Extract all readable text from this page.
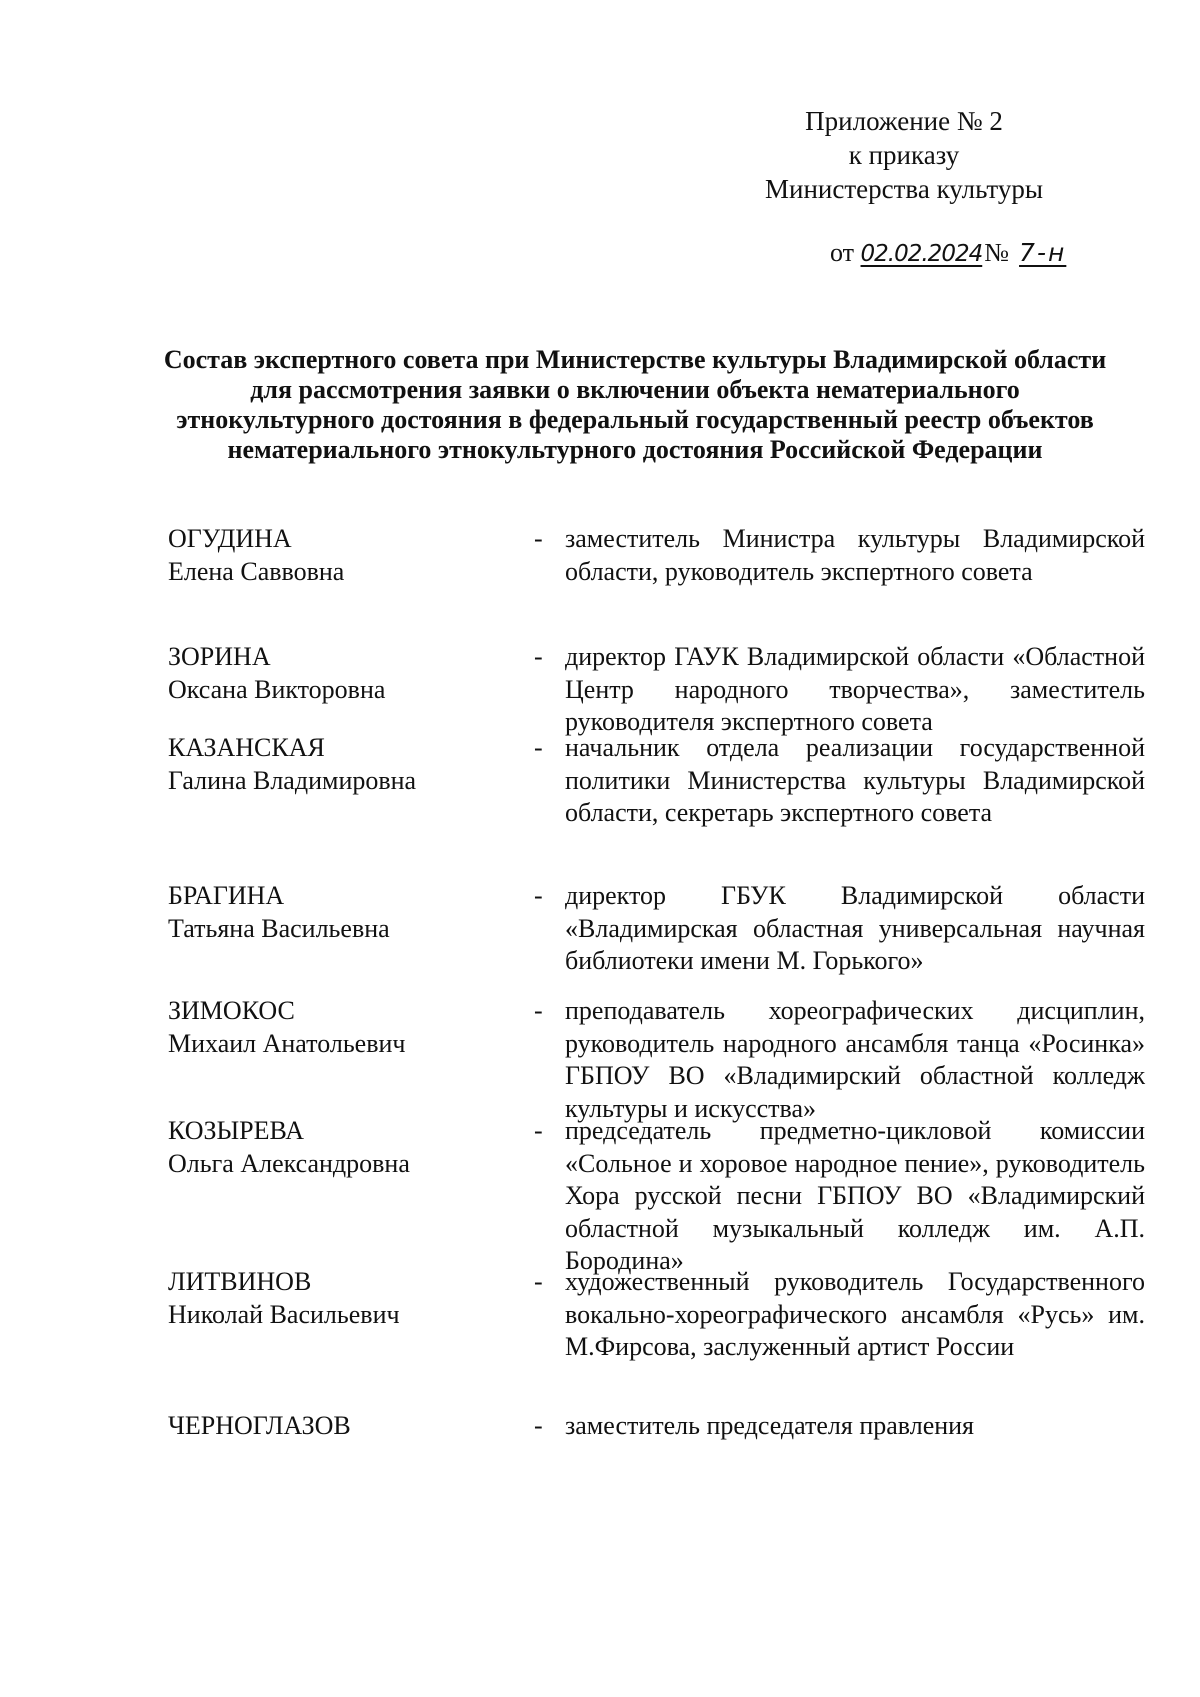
Приложение № 2
к приказу
Министерства культуры
от 02.02.2024№ 7-н
Состав экспертного совета при Министерстве культуры Владимирской области для рассмотрения заявки о включении объекта нематериального этнокультурного достояния в федеральный государственный реестр объектов нематериального этнокультурного достояния Российской Федерации
ОГУДИНА
Елена Саввовна
- заместитель Министра культуры Владимирской области, руководитель экспертного совета
ЗОРИНА
Оксана Викторовна
- директор ГАУК Владимирской области «Областной Центр народного творчества», заместитель руководителя экспертного совета
КАЗАНСКАЯ
Галина Владимировна
- начальник отдела реализации государственной политики Министерства культуры Владимирской области, секретарь экспертного совета
БРАГИНА
Татьяна Васильевна
- директор ГБУК Владимирской области «Владимирская областная универсальная научная библиотеки имени М. Горького»
ЗИМОКОС
Михаил Анатольевич
- преподаватель хореографических дисциплин, руководитель народного ансамбля танца «Росинка» ГБПОУ ВО «Владимирский областной колледж культуры и искусства»
КОЗЫРЕВА
Ольга Александровна
- председатель предметно-цикловой комиссии «Сольное и хоровое народное пение», руководитель Хора русской песни ГБПОУ ВО «Владимирский областной музыкальный колледж им. А.П. Бородина»
ЛИТВИНОВ
Николай Васильевич
- художественный руководитель Государственного вокально-хореографического ансамбля «Русь» им. М.Фирсова, заслуженный артист России
ЧЕРНОГЛАЗОВ	- заместитель председателя правления
